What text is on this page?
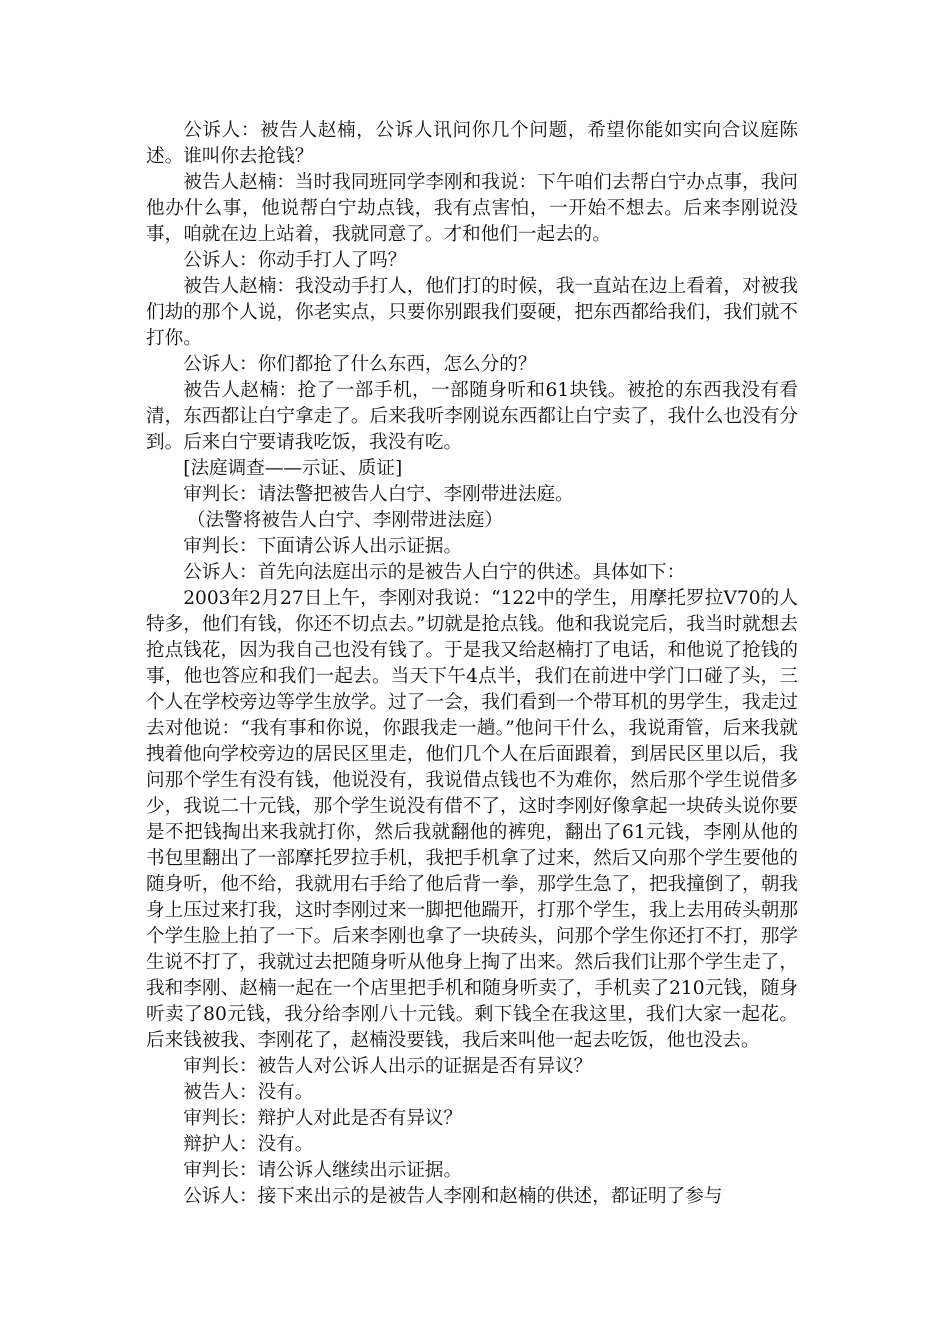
公诉人：被告人赵楠，公诉人讯问你几个问题，希望你能如实向合议庭陈述。谁叫你去抢钱？

被告人赵楠：当时我同班同学李刚和我说：下午咱们去帮白宁办点事，我问他办什么事，他说帮白宁劫点钱，我有点害怕，一开始不想去。后来李刚说没事，咱就在边上站着，我就同意了。才和他们一起去的。

公诉人：你动手打人了吗？

被告人赵楠：我没动手打人，他们打的时候，我一直站在边上看着，对被我们劫的那个人说，你老实点，只要你别跟我们耍硬，把东西都给我们，我们就不打你。

公诉人：你们都抢了什么东西，怎么分的？

被告人赵楠：抢了一部手机，一部随身听和61块钱。被抢的东西我没有看清，东西都让白宁拿走了。后来我听李刚说东西都让白宁卖了，我什么也没有分到。后来白宁要请我吃饭，我没有吃。

[法庭调查——示证、质证]

审判长：请法警把被告人白宁、李刚带进法庭。

（法警将被告人白宁、李刚带进法庭）

审判长：下面请公诉人出示证据。

公诉人：首先向法庭出示的是被告人白宁的供述。具体如下：

2003年2月27日上午，李刚对我说：“122中的学生，用摩托罗拉V70的人特多，他们有钱，你还不切点去。”切就是抢点钱。他和我说完后，我当时就想去抢点钱花，因为我自己也没有钱了。于是我又给赵楠打了电话，和他说了抢钱的事，他也答应和我们一起去。当天下午4点半，我们在前进中学门口碰了头，三个人在学校旁边等学生放学。过了一会，我们看到一个带耳机的男学生，我走过去对他说：“我有事和你说，你跟我走一趟。”他问干什么，我说甭管，后来我就拽着他向学校旁边的居民区里走，他们几个人在后面跟着，到居民区里以后，我问那个学生有没有钱，他说没有，我说借点钱也不为难你，然后那个学生说借多少，我说二十元钱，那个学生说没有借不了，这时李刚好像拿起一块砖头说你要是不把钱掏出来我就打你，然后我就翻他的裤兜，翻出了61元钱，李刚从他的书包里翻出了一部摩托罗拉手机，我把手机拿了过来，然后又向那个学生要他的随身听，他不给，我就用右手给了他后背一拳，那学生急了，把我撞倒了，朝我身上压过来打我，这时李刚过来一脚把他踹开，打那个学生，我上去用砖头朝那个学生脸上拍了一下。后来李刚也拿了一块砖头，问那个学生你还打不打，那学生说不打了，我就过去把随身听从他身上掏了出来。然后我们让那个学生走了，我和李刚、赵楠一起在一个店里把手机和随身听卖了，手机卖了210元钱，随身听卖了80元钱，我分给李刚八十元钱。剩下钱全在我这里，我们大家一起花。后来钱被我、李刚花了，赵楠没要钱，我后来叫他一起去吃饭，他也没去。

审判长：被告人对公诉人出示的证据是否有异议？

被告人：没有。

审判长：辩护人对此是否有异议？

辩护人：没有。

审判长：请公诉人继续出示证据。

公诉人：接下来出示的是被告人李刚和赵楠的供述，都证明了参与
